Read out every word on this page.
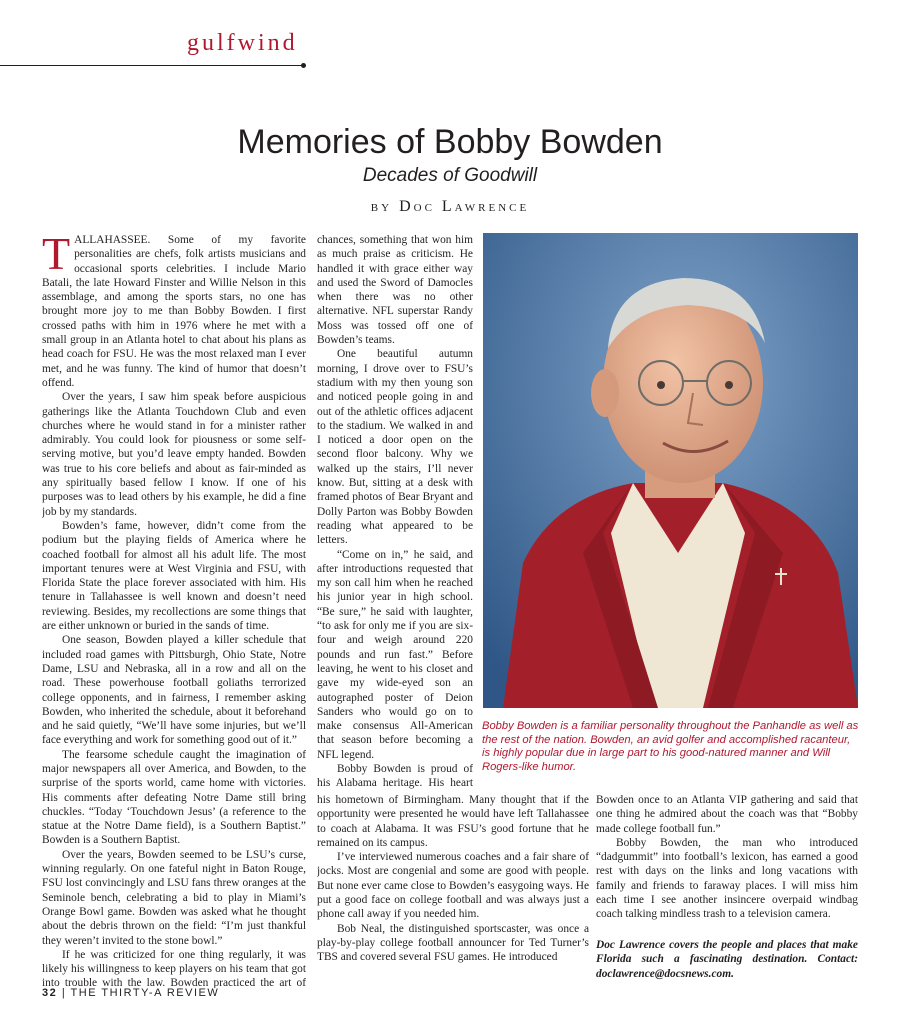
gulfwind
Memories of Bobby Bowden
Decades of Goodwill
by Doc Lawrence

TALLAHASSEE. Some of my favorite personalities are chefs, folk artists musicians and occasional sports celebrities. I include Mario Batali, the late Howard Finster and Willie Nelson in this assemblage, and among the sports stars, no one has brought more joy to me than Bobby Bowden. I first crossed paths with him in 1976 where he met with a small group in an Atlanta hotel to chat about his plans as head coach for FSU. He was the most relaxed man I ever met, and he was funny. The kind of humor that doesn’t offend.

Over the years, I saw him speak before auspicious gatherings like the Atlanta Touchdown Club and even churches where he would stand in for a minister rather admirably. You could look for piousness or some self-serving motive, but you’d leave empty handed. Bowden was true to his core beliefs and about as fair-minded as any spiritually based fellow I know. If one of his purposes was to lead others by his example, he did a fine job by my standards.

Bowden’s fame, however, didn’t come from the podium but the playing fields of America where he coached football for almost all his adult life. The most important tenures were at West Virginia and FSU, with Florida State the place forever associated with him. His tenure in Tallahassee is well known and doesn’t need reviewing. Besides, my recollections are some things that are either unknown or buried in the sands of time.

One season, Bowden played a killer schedule that included road games with Pittsburgh, Ohio State, Notre Dame, LSU and Nebraska, all in a row and all on the road. These powerhouse football goliaths terrorized college opponents, and in fairness, I remember asking Bowden, who inherited the schedule, about it beforehand and he said quietly, “We’ll have some injuries, but we’ll face everything and work for something good out of it.”

The fearsome schedule caught the imagination of major newspapers all over America, and Bowden, to the surprise of the sports world, came home with victories. His comments after defeating Notre Dame still bring chuckles. “Today ‘Touchdown Jesus’ (a reference to the statue at the Notre Dame field), is a Southern Baptist.” Bowden is a Southern Baptist.

Over the years, Bowden seemed to be LSU’s curse, winning regularly. On one fateful night in Baton Rouge, FSU lost convincingly and LSU fans threw oranges at the Seminole bench, celebrating a bid to play in Miami’s Orange Bowl game. Bowden was asked what he thought about the debris thrown on the field: “I’m just thankful they weren’t invited to the stone bowl.”

If he was criticized for one thing regularly, it was likely his willingness to keep players on his team that got into trouble with the law. Bowden practiced the art of

chances, something that won him as much praise as criticism. He handled it with grace either way and used the Sword of Damocles when there was no other alternative. NFL superstar Randy Moss was tossed off one of Bowden’s teams.

One beautiful autumn morning, I drove over to FSU’s stadium with my then young son and noticed people going in and out of the athletic offices adjacent to the stadium. We walked in and I noticed a door open on the second floor balcony. Why we walked up the stairs, I’ll never know. But, sitting at a desk with framed photos of Bear Bryant and Dolly Parton was Bobby Bowden reading what appeared to be letters.

“Come on in,” he said, and after introductions requested that my son call him when he reached his junior year in high school. “Be sure,” he said with laughter, “to ask for only me if you are six-four and weigh around 220 pounds and run fast.” Before leaving, he went to his closet and gave my wide-eyed son an autographed poster of Deion Sanders who would go on to make consensus All-American that season before becoming a NFL legend.

Bobby Bowden is proud of his Alabama heritage. His heart

Bobby Bowden is a familiar personality throughout the Panhandle as well as the rest of the nation. Bowden, an avid golfer and accomplished racanteur, is highly popular due in large part to his good-natured manner and Will Rogers-like humor.

his hometown of Birmingham. Many thought that if the opportunity were presented he would have left Tallahassee to coach at Alabama. It was FSU’s good fortune that he remained on its campus.

I’ve interviewed numerous coaches and a fair share of jocks. Most are congenial and some are good with people. But none ever came close to Bowden’s easygoing ways. He put a good face on college football and was always just a phone call away if you needed him.

Bob Neal, the distinguished sportscaster, was once a play-by-play college football announcer for Ted Turner’s TBS and covered several FSU games. He introduced

Bowden once to an Atlanta VIP gathering and said that one thing he admired about the coach was that “Bobby made college football fun.”

Bobby Bowden, the man who introduced “dadgummit” into football’s lexicon, has earned a good rest with days on the links and long vacations with family and friends to faraway places. I will miss him each time I see another insincere overpaid windbag coach talking mindless trash to a television camera.

Doc Lawrence covers the people and places that make Florida such a fascinating destination. Contact: doclawrence@docsnews.com.
32 | THE THIRTY-A REVIEW
